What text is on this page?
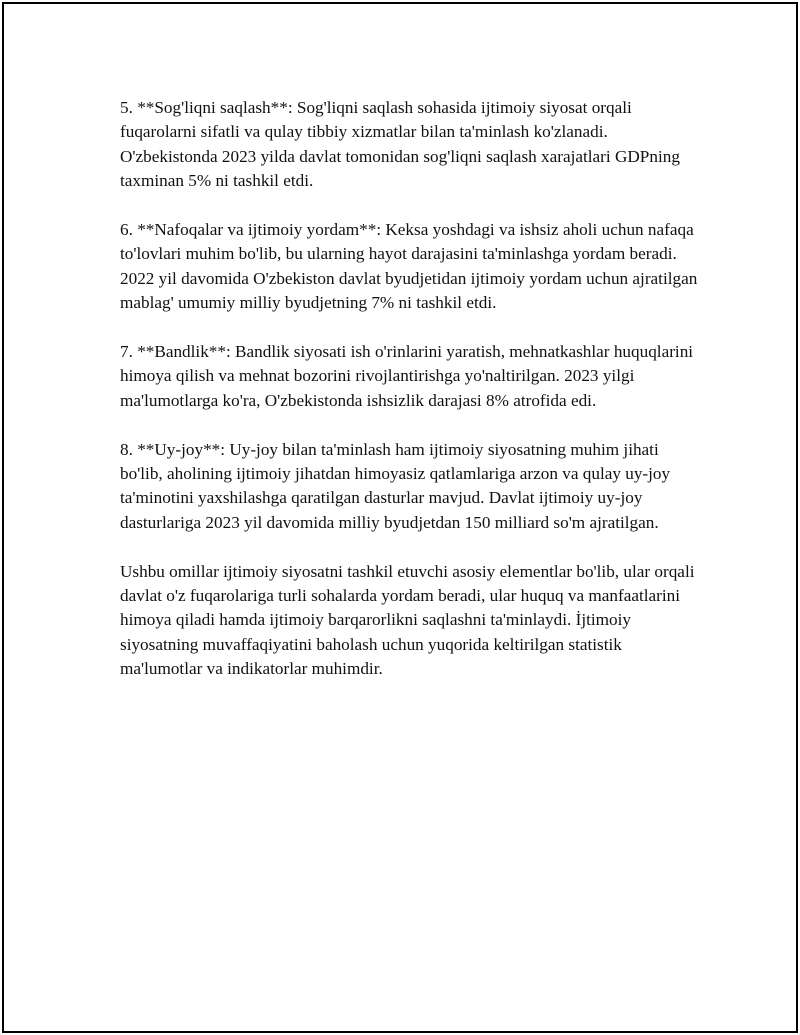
5. **Sog'liqni saqlash**: Sog'liqni saqlash sohasida ijtimoiy siyosat orqali fuqarolarni sifatli va qulay tibbiy xizmatlar bilan ta'minlash ko'zlanadi. O'zbekistonda 2023 yilda davlat tomonidan sog'liqni saqlash xarajatlari GDPning taxminan 5% ni tashkil etdi.

6. **Nafoqalar va ijtimoiy yordam**: Keksa yoshdagi va ishsiz aholi uchun nafaqa to'lovlari muhim bo'lib, bu ularning hayot darajasini ta'minlashga yordam beradi. 2022 yil davomida O'zbekiston davlat byudjetidan ijtimoiy yordam uchun ajratilgan mablag' umumiy milliy byudjetning 7% ni tashkil etdi.

7. **Bandlik**: Bandlik siyosati ish o'rinlarini yaratish, mehnatkashlar huquqlarini himoya qilish va mehnat bozorini rivojlantirishga yo'naltirilgan. 2023 yilgi ma'lumotlarga ko'ra, O'zbekistonda ishsizlik darajasi 8% atrofida edi.

8. **Uy-joy**: Uy-joy bilan ta'minlash ham ijtimoiy siyosatning muhim jihati bo'lib, aholining ijtimoiy jihatdan himoyasiz qatlamlariga arzon va qulay uy-joy ta'minotini yaxshilashga qaratilgan dasturlar mavjud. Davlat ijtimoiy uy-joy dasturlariga 2023 yil davomida milliy byudjetdan 150 milliard so'm ajratilgan.

Ushbu omillar ijtimoiy siyosatni tashkil etuvchi asosiy elementlar bo'lib, ular orqali davlat o'z fuqarolariga turli sohalarda yordam beradi, ular huquq va manfaatlarini himoya qiladi hamda ijtimoiy barqarorlikni saqlashni ta'minlaydi. İjtimoiy siyosatning muvaffaqiyatini baholash uchun yuqorida keltirilgan statistik ma'lumotlar va indikatorlar muhimdir.
